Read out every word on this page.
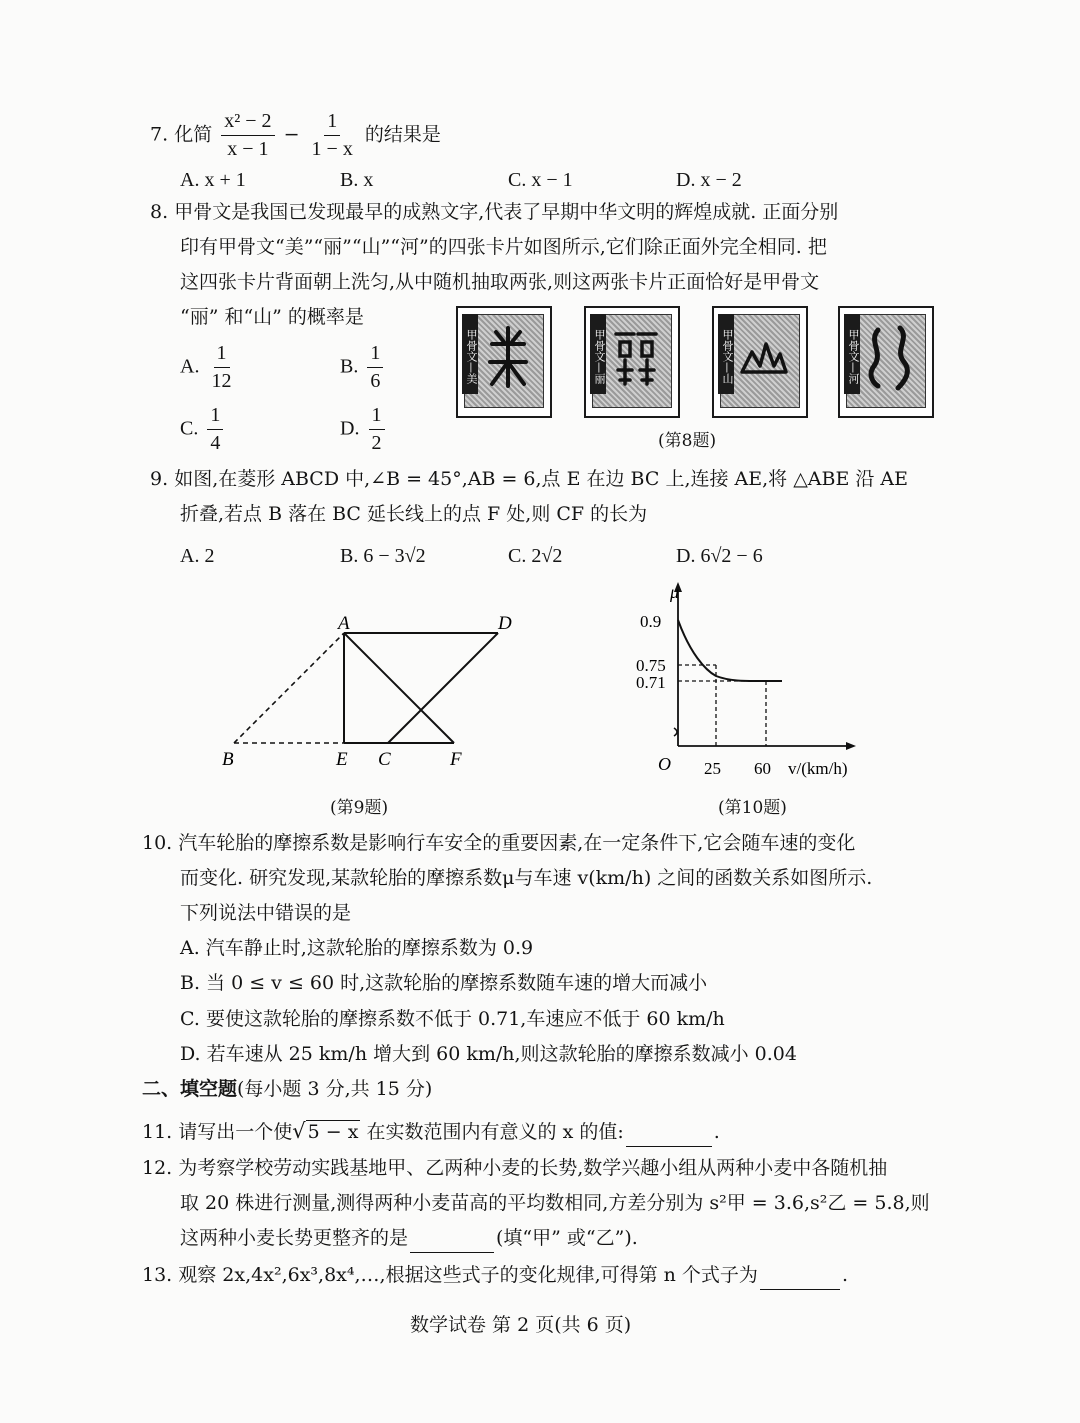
7. 化简 $\frac{\text{x² − 2}}{x - 1} - \frac{1}{1 - x}$ 的结果是
A. x + 1	B. x	C. x − 1	D. x − 2
8. 甲骨文是我国已发现最早的成熟文字,代表了早期中华文明的辉煌成就. 正面分别
印有甲骨文“美”“丽”“山”“河”的四张卡片如图所示,它们除正面外完全相同. 把
这四张卡片背面朝上洗匀,从中随机抽取两张,则这两张卡片正面恰好是甲骨文
“丽” 和“山” 的概率是
A. $\frac{1}{12}$	B. $\frac{1}{6}$
C. $\frac{1}{4}$	D. $\frac{1}{2}$
甲骨文—美	甲骨文—丽	甲骨文—山	甲骨文—河
(第8题)
9. 如图,在菱形 ABCD 中,∠B = 45°,AB = 6,点 E 在边 BC 上,连接 AE,将 △ABE 沿 AE
折叠,若点 B 落在 BC 延长线上的点 F 处,则 CF 的长为
A. 2	B. 6 − 3√2	C. 2√2	D. 6√2 − 6
A	D
B	E C	F
(第9题)
μ
0.9
0.75
0.71
O 25 60 v/(km/h)
(第10题)
10. 汽车轮胎的摩擦系数是影响行车安全的重要因素,在一定条件下,它会随车速的变化
而变化. 研究发现,某款轮胎的摩擦系数μ与车速 v(km/h) 之间的函数关系如图所示.
下列说法中错误的是
A. 汽车静止时,这款轮胎的摩擦系数为 0.9
B. 当 0 ≤ v ≤ 60 时,这款轮胎的摩擦系数随车速的增大而减小
C. 要使这款轮胎的摩擦系数不低于 0.71,车速应不低于 60 km/h
D. 若车速从 25 km/h 增大到 60 km/h,则这款轮胎的摩擦系数减小 0.04
二、填空题(每小题 3 分,共 15 分)
11. 请写出一个使√ 5 − x 在实数范围内有意义的 x 的值:	.
12. 为考察学校劳动实践基地甲、乙两种小麦的长势,数学兴趣小组从两种小麦中各随机抽
取 20 株进行测量,测得两种小麦苗高的平均数相同,方差分别为 s²甲 = 3.6,s²乙 = 5.8,则
这两种小麦长势更整齐的是	(填“甲” 或“乙”).
13. 观察 2x,4x²,6x³,8x⁴,…,根据这些式子的变化规律,可得第 n 个式子为	.
数学试卷 第 2 页(共 6 页)
